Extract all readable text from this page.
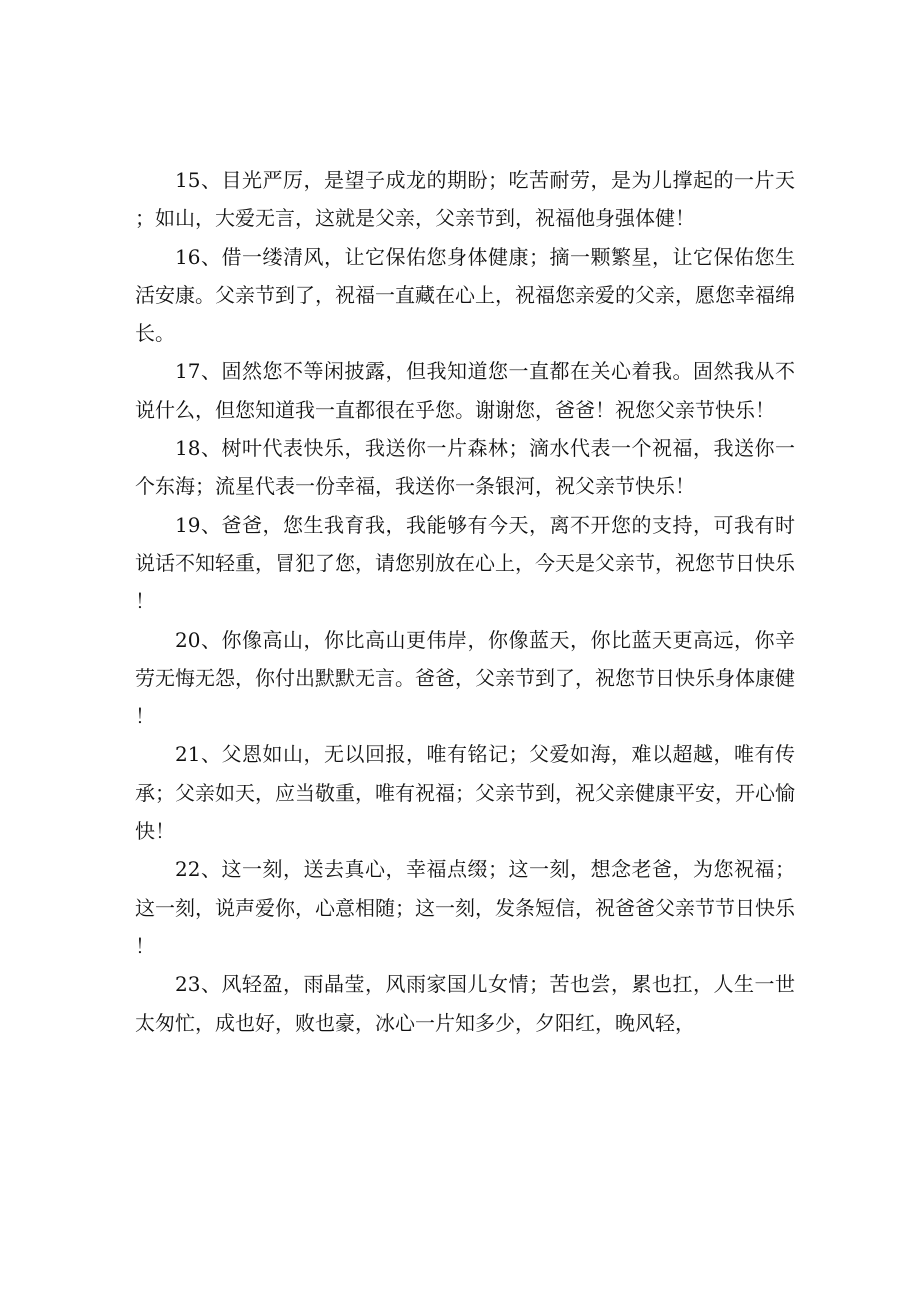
15、目光严厉，是望子成龙的期盼；吃苦耐劳，是为儿撑起的一片天；如山，大爱无言，这就是父亲，父亲节到，祝福他身强体健！

16、借一缕清风，让它保佑您身体健康；摘一颗繁星，让它保佑您生活安康。父亲节到了，祝福一直藏在心上，祝福您亲爱的父亲，愿您幸福绵长。

17、固然您不等闲披露，但我知道您一直都在关心着我。固然我从不说什么，但您知道我一直都很在乎您。谢谢您，爸爸！祝您父亲节快乐！

18、树叶代表快乐，我送你一片森林；滴水代表一个祝福，我送你一个东海；流星代表一份幸福，我送你一条银河，祝父亲节快乐！

19、爸爸，您生我育我，我能够有今天，离不开您的支持，可我有时说话不知轻重，冒犯了您，请您别放在心上，今天是父亲节，祝您节日快乐！

20、你像高山，你比高山更伟岸，你像蓝天，你比蓝天更高远，你辛劳无悔无怨，你付出默默无言。爸爸，父亲节到了，祝您节日快乐身体康健！

21、父恩如山，无以回报，唯有铭记；父爱如海，难以超越，唯有传承；父亲如天，应当敬重，唯有祝福；父亲节到，祝父亲健康平安，开心愉快！

22、这一刻，送去真心，幸福点缀；这一刻，想念老爸，为您祝福；这一刻，说声爱你，心意相随；这一刻，发条短信，祝爸爸父亲节节日快乐！

23、风轻盈，雨晶莹，风雨家国儿女情；苦也尝，累也扛，人生一世太匆忙，成也好，败也豪，冰心一片知多少，夕阳红，晚风轻，
